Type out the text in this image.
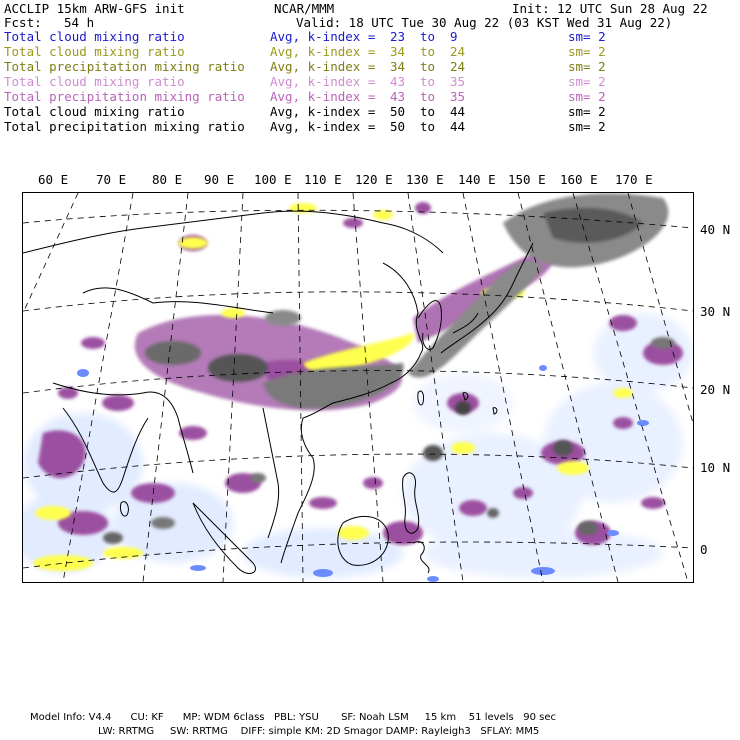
ACCLIP 15km ARW-GFS init	NCAR/MMM	Init: 12 UTC Sun 28 Aug 22
Fcst: 54 h	Valid: 18 UTC Tue 30 Aug 22 (03 KST Wed 31 Aug 22)
Total cloud mixing ratio	Avg, k-index = 23 to 9	sm= 2
Total cloud mixing ratio	Avg, k-index = 34 to 24	sm= 2
Total precipitation mixing ratio Avg, k-index = 34 to 24	sm= 2
Total cloud mixing ratio	Avg, k-index = 43 to 35	sm= 2
Total precipitation mixing ratio Avg, k-index = 43 to 35	sm= 2
Total cloud mixing ratio	Avg, k-index = 50 to 44	sm= 2
Total precipitation mixing ratio Avg, k-index = 50 to 44	sm= 2
60 E 70 E 80 E 90 E 100 E 110 E 120 E 130 E 140 E 150 E 160 E 170 E
40 N
30 N
20 N
10 N
0
Model Info: V4.4      CU: KF      MP: WDM 6class   PBL: YSU       SF: Noah LSM     15 km    51 levels   90 sec
LW: RRTMG     SW: RRTMG    DIFF: simple KM: 2D Smagor DAMP: Rayleigh3   SFLAY: MM5
